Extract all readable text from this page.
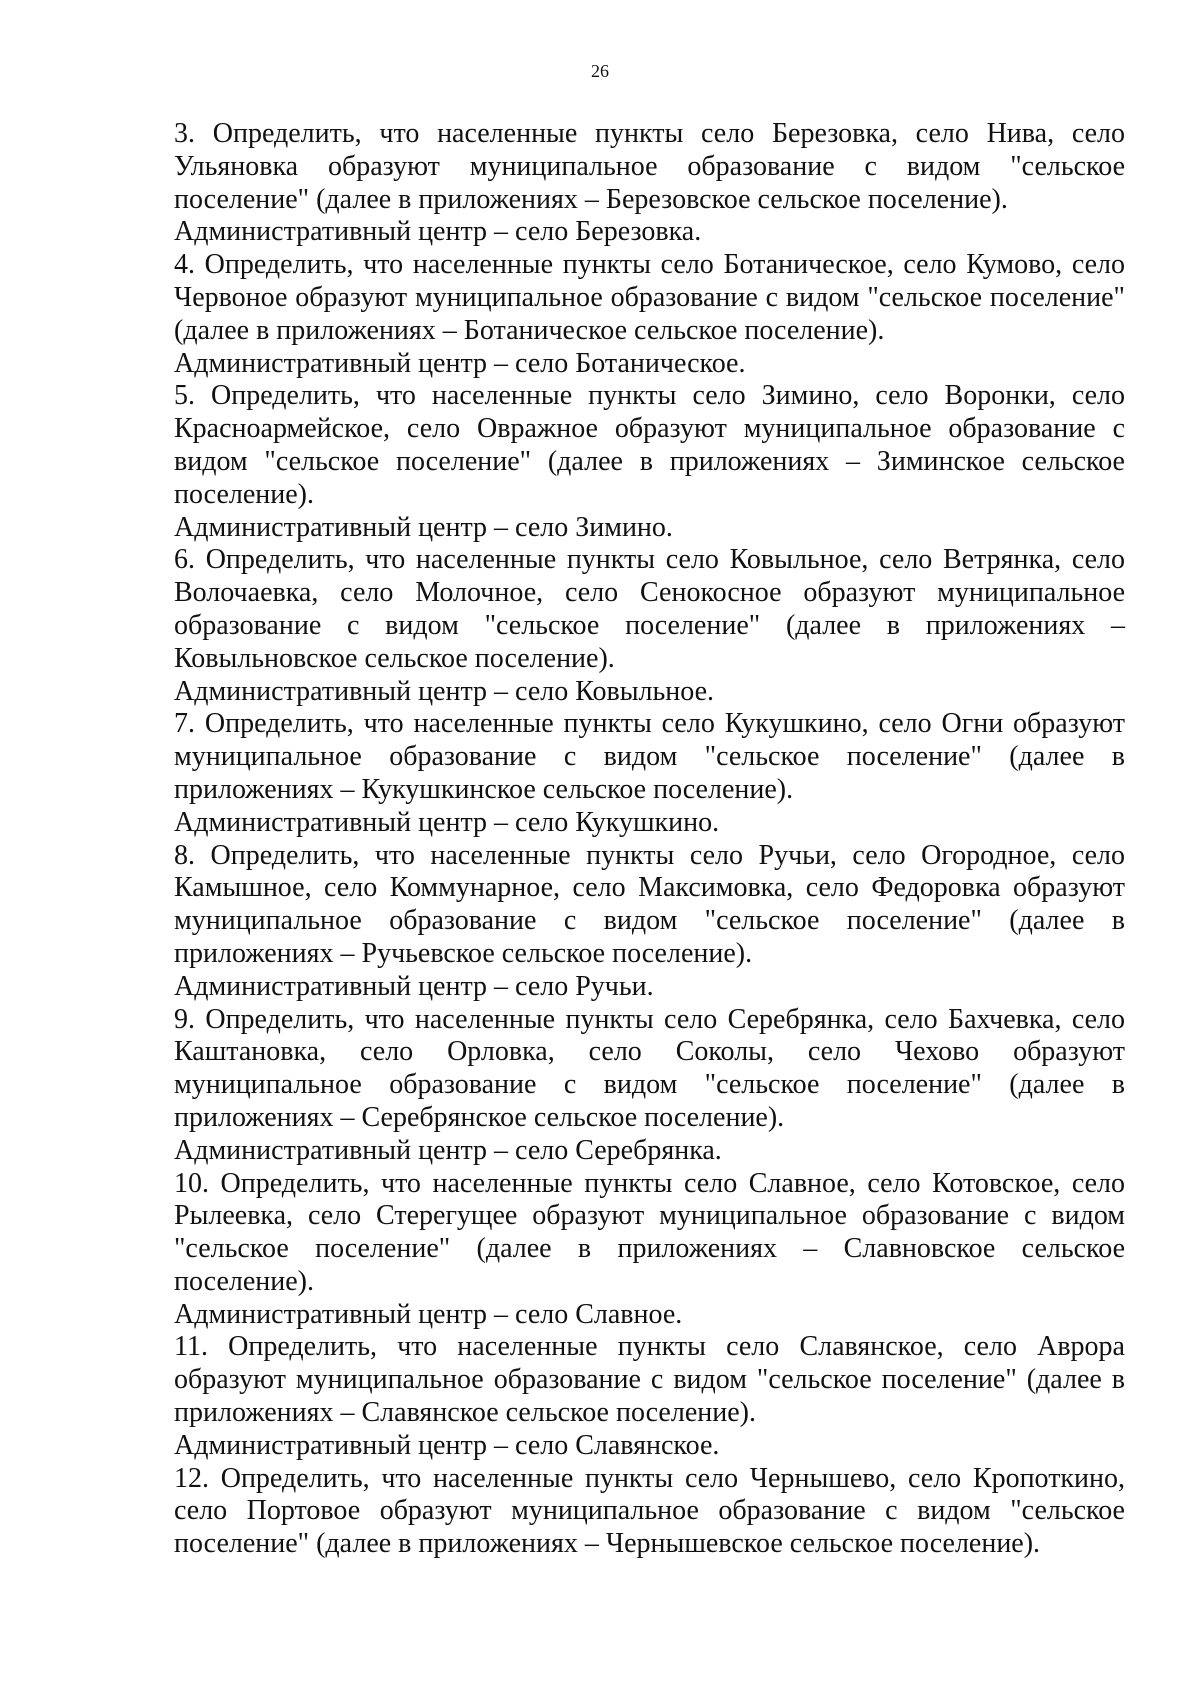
26

3. Определить, что населенные пункты село Березовка, село Нива, село Ульяновка образуют муниципальное образование с видом "сельское поселение" (далее в приложениях – Березовское сельское поселение).

Административный центр – село Березовка.

4. Определить, что населенные пункты село Ботаническое, село Кумово, село Червоное образуют муниципальное образование с видом "сельское поселение" (далее в приложениях – Ботаническое сельское поселение).

Административный центр – село Ботаническое.

5. Определить, что населенные пункты село Зимино, село Воронки, село Красноармейское, село Овражное образуют муниципальное образование с видом "сельское поселение" (далее в приложениях – Зиминское сельское поселение).

Административный центр – село Зимино.

6. Определить, что населенные пункты село Ковыльное, село Ветрянка, село Волочаевка, село Молочное, село Сенокосное образуют муниципальное образование с видом "сельское поселение" (далее в приложениях – Ковыльновское сельское поселение).

Административный центр – село Ковыльное.

7. Определить, что населенные пункты село Кукушкино, село Огни образуют муниципальное образование с видом "сельское поселение" (далее в приложениях – Кукушкинское сельское поселение).

Административный центр – село Кукушкино.

8. Определить, что населенные пункты село Ручьи, село Огородное, село Камышное, село Коммунарное, село Максимовка, село Федоровка образуют муниципальное образование с видом "сельское поселение" (далее в приложениях – Ручьевское сельское поселение).

Административный центр – село Ручьи.

9. Определить, что населенные пункты село Серебрянка, село Бахчевка, село Каштановка, село Орловка, село Соколы, село Чехово образуют муниципальное образование с видом "сельское поселение" (далее в приложениях – Серебрянское сельское поселение).

Административный центр – село Серебрянка.

10. Определить, что населенные пункты село Славное, село Котовское, село Рылеевка, село Стерегущее образуют муниципальное образование с видом "сельское поселение" (далее в приложениях – Славновское сельское поселение).

Административный центр – село Славное.

11. Определить, что населенные пункты село Славянское, село Аврора образуют муниципальное образование с видом "сельское поселение" (далее в приложениях – Славянское сельское поселение).

Административный центр – село Славянское.

12. Определить, что населенные пункты село Чернышево, село Кропоткино, село Портовое образуют муниципальное образование с видом "сельское поселение" (далее в приложениях – Чернышевское сельское поселение).
